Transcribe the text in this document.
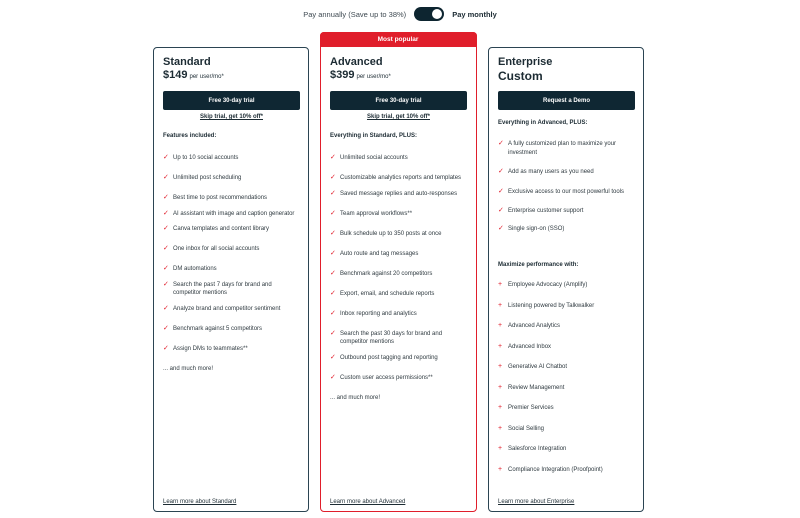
Pay annually (Save up to 38%)	Pay monthly
Standard
$149 per user/mo*
Free 30-day trial
Skip trial, get 10% off*
Features included:
✓ Up to 10 social accounts
✓ Unlimited post scheduling
✓ Best time to post recommendations
✓ AI assistant with image and caption generator
✓ Canva templates and content library
✓ One inbox for all social accounts
✓ DM automations
✓ Search the past 7 days for brand and competitor mentions
✓ Analyze brand and competitor sentiment
✓ Benchmark against 5 competitors
✓ Assign DMs to teammates**
... and much more!
Learn more about Standard
Most popular
Advanced
$399 per user/mo*
Free 30-day trial
Skip trial, get 10% off*
Everything in Standard, PLUS:
✓ Unlimited social accounts
✓ Customizable analytics reports and templates
✓ Saved message replies and auto-responses
✓ Team approval workflows**
✓ Bulk schedule up to 350 posts at once
✓ Auto route and tag messages
✓ Benchmark against 20 competitors
✓ Export, email, and schedule reports
✓ Inbox reporting and analytics
✓ Search the past 30 days for brand and competitor mentions
✓ Outbound post tagging and reporting
✓ Custom user access permissions**
... and much more!
Learn more about Advanced
Enterprise
Custom
Request a Demo
Everything in Advanced, PLUS:
✓ A fully customized plan to maximize your investment
✓ Add as many users as you need
✓ Exclusive access to our most powerful tools
✓ Enterprise customer support
✓ Single sign-on (SSO)
Maximize performance with:
+ Employee Advocacy (Amplify)
+ Listening powered by Talkwalker
+ Advanced Analytics
+ Advanced Inbox
+ Generative AI Chatbot
+ Review Management
+ Premier Services
+ Social Selling
+ Salesforce Integration
+ Compliance Integration (Proofpoint)
Learn more about Enterprise
